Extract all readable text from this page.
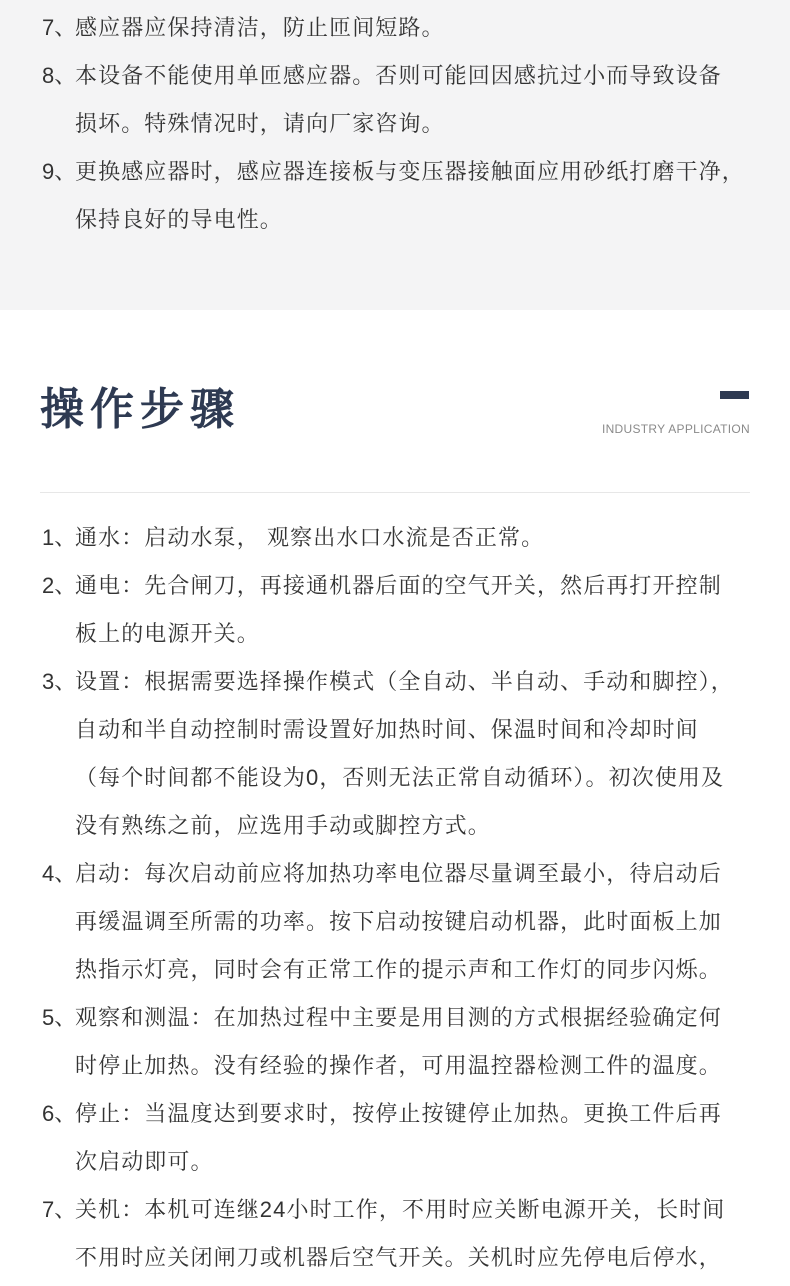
7、
感应器应保持清洁，防止匝间短路。
8、
本设备不能使用单匝感应器。否则可能回因感抗过小而导致设备
损坏。特殊情况时，请向厂家咨询。
9、
更换感应器时，感应器连接板与变压器接触面应用砂纸打磨干净，
保持良好的导电性。
操作步骤	INDUSTRY APPLICATION
1、
通水：启动水泵， 观察出水口水流是否正常。
2、
通电：先合闸刀，再接通机器后面的空气开关，然后再打开控制
板上的电源开关。
3、
设置：根据需要选择操作模式（全自动、半自动、手动和脚控），
自动和半自动控制时需设置好加热时间、保温时间和冷却时间
（每个时间都不能设为0，否则无法正常自动循环）。初次使用及
没有熟练之前，应选用手动或脚控方式。
4、
启动：每次启动前应将加热功率电位器尽量调至最小，待启动后
再缓温调至所需的功率。按下启动按键启动机器，此时面板上加
热指示灯亮，同时会有正常工作的提示声和工作灯的同步闪烁。
5、
观察和测温：在加热过程中主要是用目测的方式根据经验确定何
时停止加热。没有经验的操作者，可用温控器检测工件的温度。
6、
停止：当温度达到要求时，按停止按键停止加热。更换工件后再
次启动即可。
7、
关机：本机可连继24小时工作，不用时应关断电源开关，长时间
不用时应关闭闸刀或机器后空气开关。关机时应先停电后停水，
